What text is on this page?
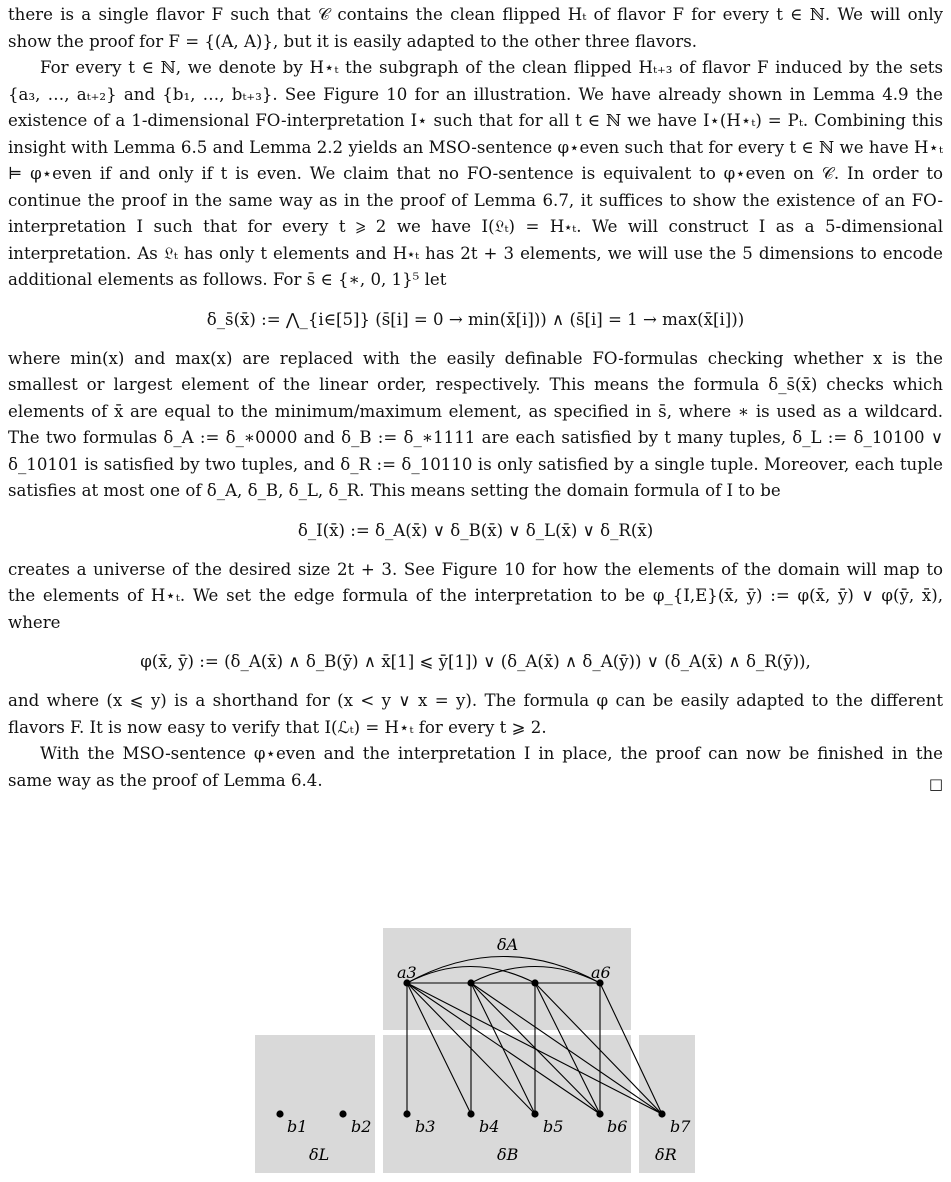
there is a single flavor F such that 𝒞 contains the clean flipped Hₜ of flavor F for every t ∈ ℕ. We will only show the proof for F = {(A, A)}, but it is easily adapted to the other three flavors.

For every t ∈ ℕ, we denote by H⋆ₜ the subgraph of the clean flipped Hₜ₊₃ of flavor F induced by the sets {a₃, …, aₜ₊₂} and {b₁, …, bₜ₊₃}. See Figure 10 for an illustration. We have already shown in Lemma 4.9 the existence of a 1-dimensional FO-interpretation I⋆ such that for all t ∈ ℕ we have I⋆(H⋆ₜ) = Pₜ. Combining this insight with Lemma 6.5 and Lemma 2.2 yields an MSO-sentence φ⋆even such that for every t ∈ ℕ we have H⋆ₜ ⊨ φ⋆even if and only if t is even. We claim that no FO-sentence is equivalent to φ⋆even on 𝒞. In order to continue the proof in the same way as in the proof of Lemma 6.7, it suffices to show the existence of an FO-interpretation I such that for every t ⩾ 2 we have I(𝔏ₜ) = H⋆ₜ. We will construct I as a 5-dimensional interpretation. As 𝔏ₜ has only t elements and H⋆ₜ has 2t + 3 elements, we will use the 5 dimensions to encode additional elements as follows. For s̄ ∈ {∗, 0, 1}⁵ let

δ_s̄(x̄) := ⋀_{i∈[5]} (s̄[i] = 0 → min(x̄[i])) ∧ (s̄[i] = 1 → max(x̄[i]))

where min(x) and max(x) are replaced with the easily definable FO-formulas checking whether x is the smallest or largest element of the linear order, respectively. This means the formula δ_s̄(x̄) checks which elements of x̄ are equal to the minimum/maximum element, as specified in s̄, where ∗ is used as a wildcard. The two formulas δ_A := δ_∗0000 and δ_B := δ_∗1111 are each satisfied by t many tuples, δ_L := δ_10100 ∨ δ_10101 is satisfied by two tuples, and δ_R := δ_10110 is only satisfied by a single tuple. Moreover, each tuple satisfies at most one of δ_A, δ_B, δ_L, δ_R. This means setting the domain formula of I to be

δ_I(x̄) := δ_A(x̄) ∨ δ_B(x̄) ∨ δ_L(x̄) ∨ δ_R(x̄)

creates a universe of the desired size 2t + 3. See Figure 10 for how the elements of the domain will map to the elements of H⋆ₜ. We set the edge formula of the interpretation to be φ_{I,E}(x̄, ȳ) := φ(x̄, ȳ) ∨ φ(ȳ, x̄), where

φ(x̄, ȳ) := (δ_A(x̄) ∧ δ_B(ȳ) ∧ x̄[1] ⩽ ȳ[1]) ∨ (δ_A(x̄) ∧ δ_A(ȳ)) ∨ (δ_A(x̄) ∧ δ_R(ȳ)),

and where (x ⩽ y) is a shorthand for (x < y ∨ x = y). The formula φ can be easily adapted to the different flavors F. It is now easy to verify that I(ℒₜ) = H⋆ₜ for every t ⩾ 2.

With the MSO-sentence φ⋆even and the interpretation I in place, the proof can now be finished in the same way as the proof of Lemma 6.4.	□

δA
δL	δB	δR
a3	a6
b1	b2	b3	b4	b5	b6	b7
